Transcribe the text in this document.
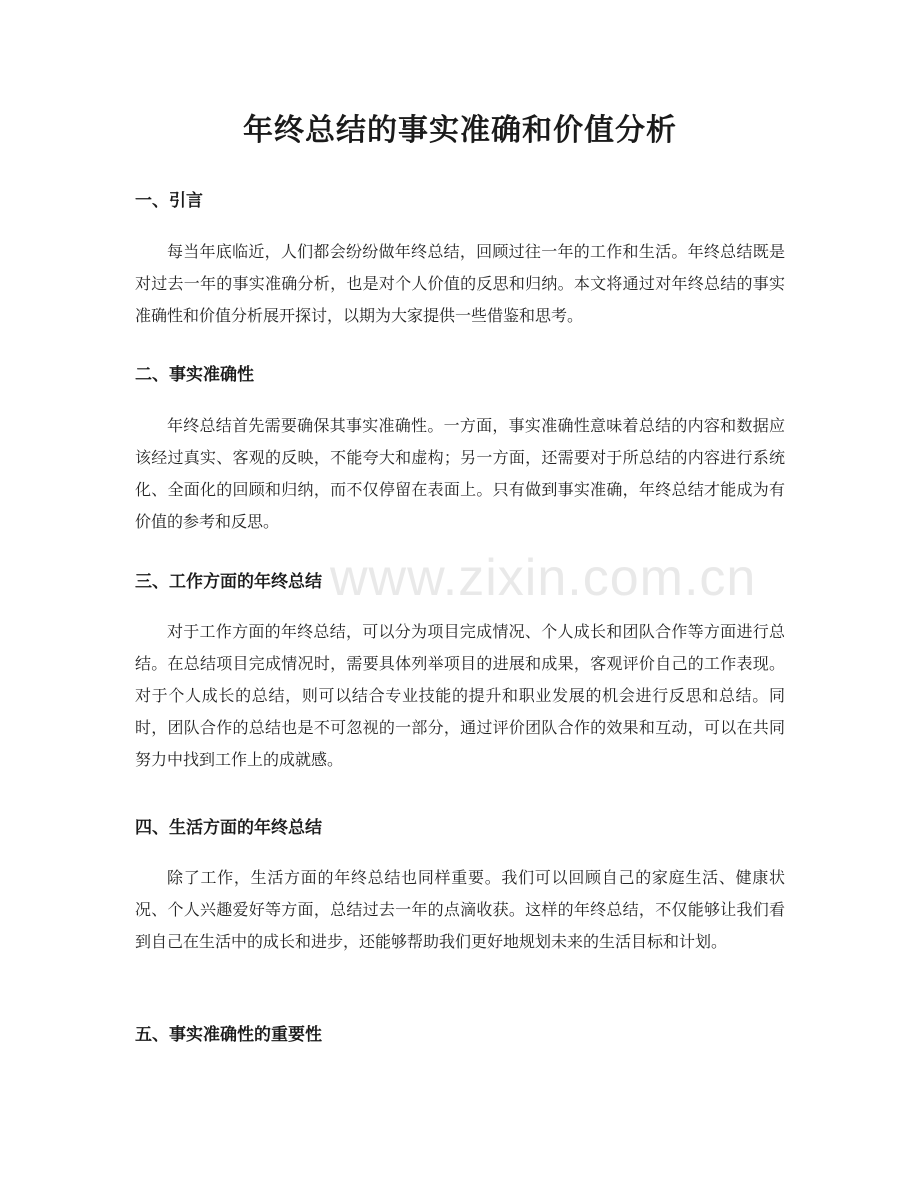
年终总结的事实准确和价值分析
一、引言

每当年底临近，人们都会纷纷做年终总结，回顾过往一年的工作和生活。年终总结既是对过去一年的事实准确分析，也是对个人价值的反思和归纳。本文将通过对年终总结的事实准确性和价值分析展开探讨，以期为大家提供一些借鉴和思考。

二、事实准确性

年终总结首先需要确保其事实准确性。一方面，事实准确性意味着总结的内容和数据应该经过真实、客观的反映，不能夸大和虚构；另一方面，还需要对于所总结的内容进行系统化、全面化的回顾和归纳，而不仅停留在表面上。只有做到事实准确，年终总结才能成为有价值的参考和反思。

三、工作方面的年终总结

对于工作方面的年终总结，可以分为项目完成情况、个人成长和团队合作等方面进行总结。在总结项目完成情况时，需要具体列举项目的进展和成果，客观评价自己的工作表现。对于个人成长的总结，则可以结合专业技能的提升和职业发展的机会进行反思和总结。同时，团队合作的总结也是不可忽视的一部分，通过评价团队合作的效果和互动，可以在共同努力中找到工作上的成就感。

四、生活方面的年终总结

除了工作，生活方面的年终总结也同样重要。我们可以回顾自己的家庭生活、健康状况、个人兴趣爱好等方面，总结过去一年的点滴收获。这样的年终总结，不仅能够让我们看到自己在生活中的成长和进步，还能够帮助我们更好地规划未来的生活目标和计划。

五、事实准确性的重要性
www.zixin.com.cn
